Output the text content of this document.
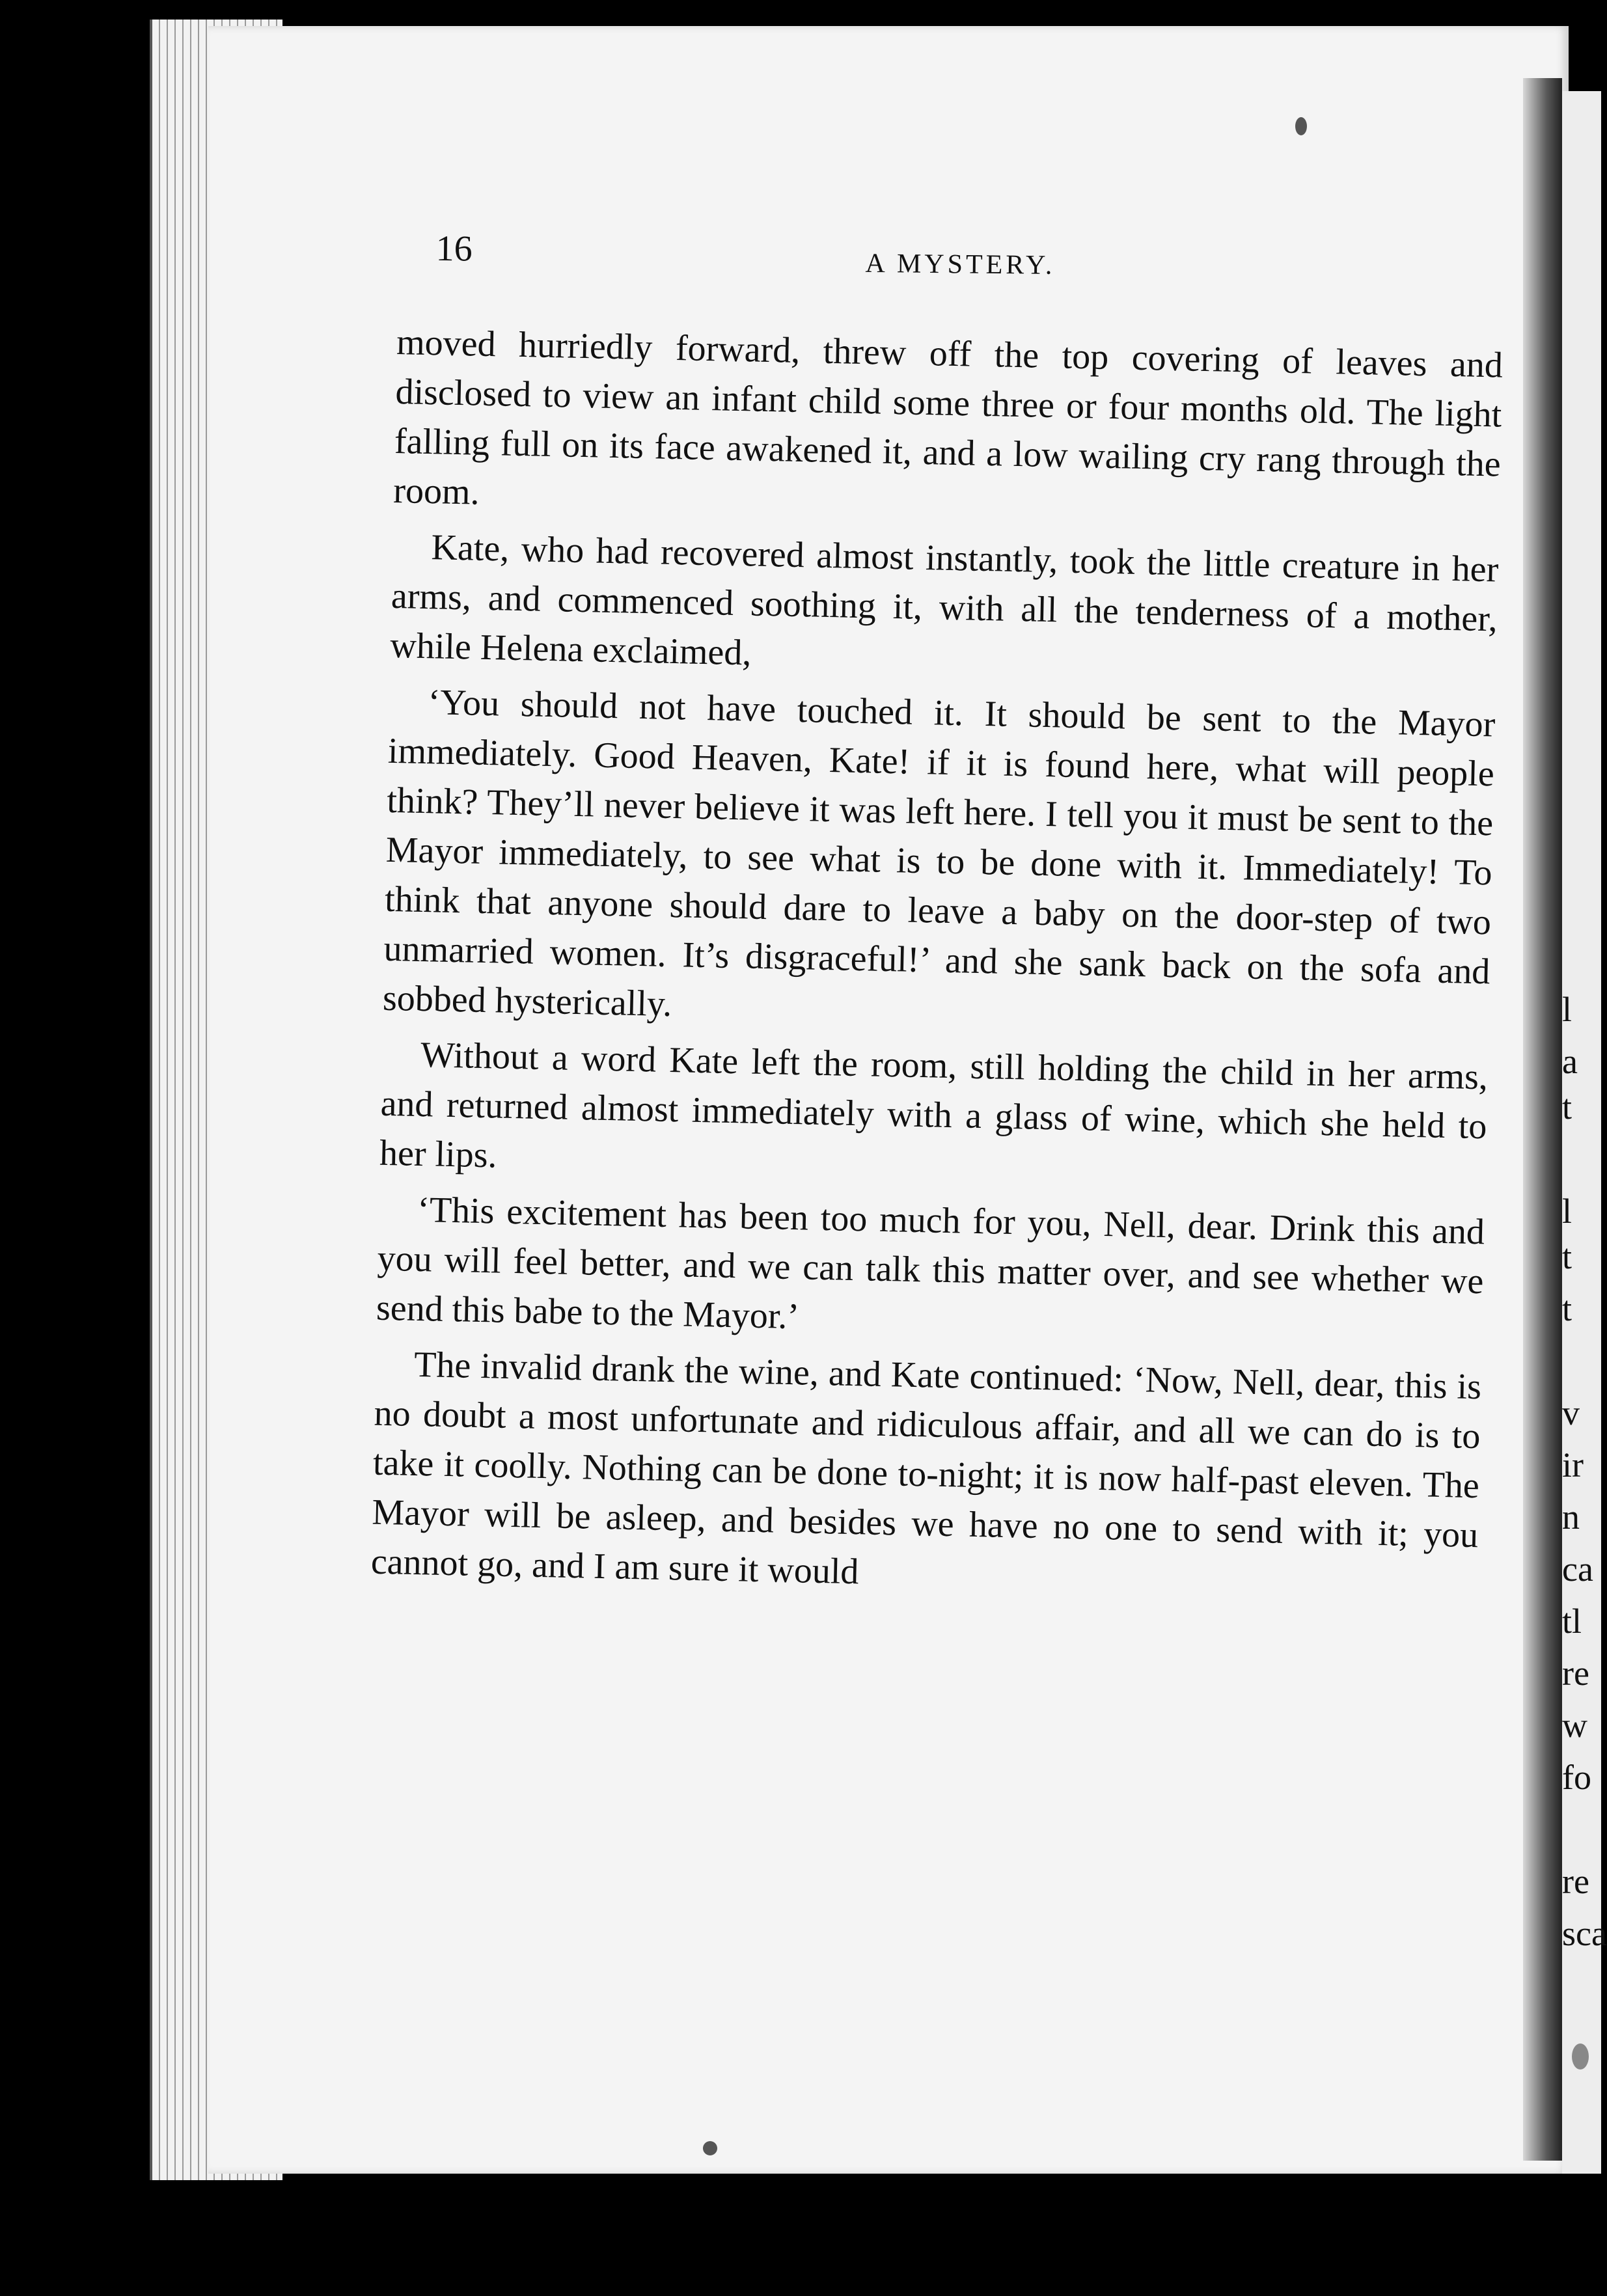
l
a
t
l
t
t
v
ir
n
ca
tl
re
w
fo
re
sca
16	A MYSTERY.

moved hurriedly forward, threw off the top covering of leaves and disclosed to view an infant child some three or four months old. The light falling full on its face awakened it, and a low wailing cry rang through the room.

Kate, who had recovered almost instantly, took the little creature in her arms, and commenced soothing it, with all the tenderness of a mother, while Helena exclaimed,

‘You should not have touched it. It should be sent to the Mayor immediately. Good Heaven, Kate! if it is found here, what will people think? They’ll never believe it was left here. I tell you it must be sent to the Mayor immediately, to see what is to be done with it. Immediately! To think that anyone should dare to leave a baby on the door-step of two unmarried women. It’s disgraceful!’ and she sank back on the sofa and sobbed hysterically.

Without a word Kate left the room, still holding the child in her arms, and returned almost immediately with a glass of wine, which she held to her lips.

‘This excitement has been too much for you, Nell, dear. Drink this and you will feel better, and we can talk this matter over, and see whether we send this babe to the Mayor.’

The invalid drank the wine, and Kate continued: ‘Now, Nell, dear, this is no doubt a most unfortunate and ridiculous affair, and all we can do is to take it coolly. Nothing can be done to-night; it is now half-past eleven. The Mayor will be asleep, and besides we have no one to send with it; you cannot go, and I am sure it would
